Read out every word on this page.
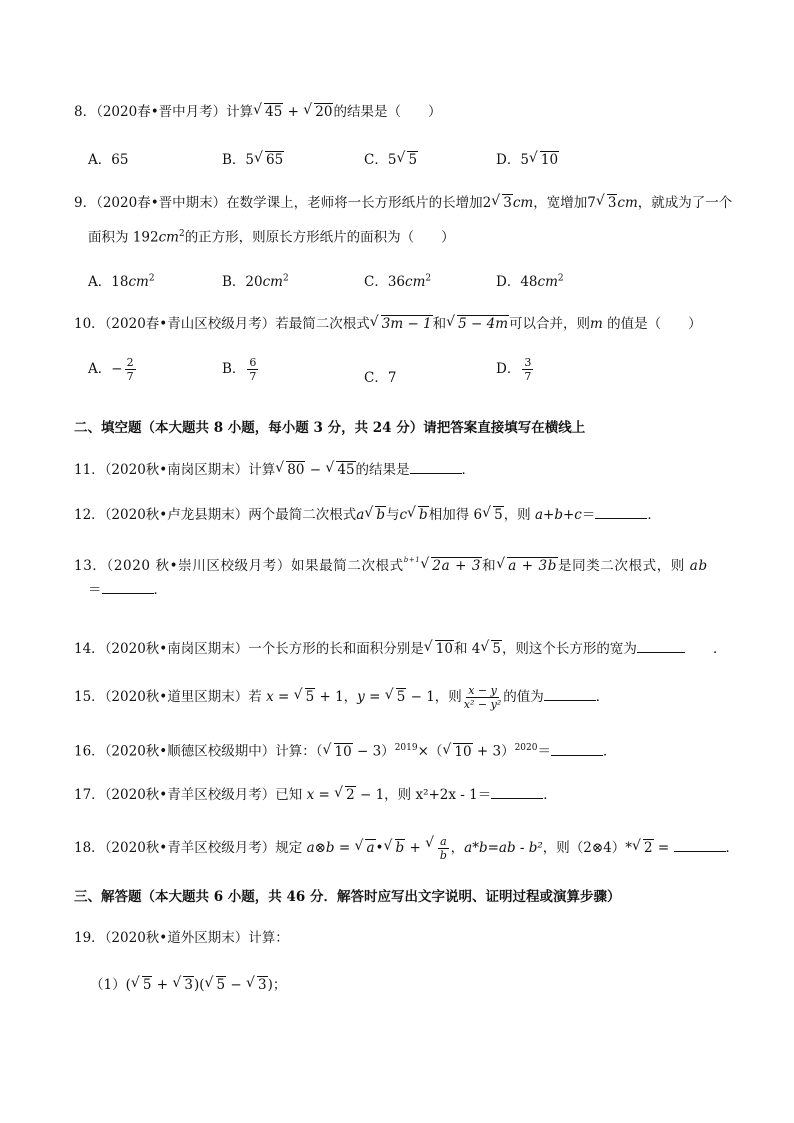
8．（2020春•晋中月考）计算 √ 45 + √ 20的结果是（　　）
A．65	B．5 √ 65	C．5 √ 5	D．5 √ 10
9．（2020春•晋中期末）在数学课上，老师将一长方形纸片的长增加2 √ 3cm，宽增加7 √ 3cm，就成为了一个
面积为 $192cm^2$的正方形，则原长方形纸片的面积为（　　）
A．$18cm^2$	B．$20cm^2$	C．$36cm^2$	D．$48cm^2$
10．（2020春•青山区校级月考）若最简二次根式 √ 3m − 1和 √ 5 − 4m可以合并，则m 的值是（　　）
A．− $\frac{2}{7}$	B． $\frac{6}{7}$	C．7
D． $\frac{3}{7}$
二、填空题（本大题共 8 小题，每小题 3 分，共 24 分）请把答案直接填写在横线上
11．（2020秋•南岗区期末）计算 √ 80 − √ 45的结果是	．
12．（2020秋•卢龙县期末）两个最简二次根式a √ b与c √ b相加得 6 √ 5，则 a+b+c＝	．
13．（2020 秋•崇川区校级月考）如果最简二次根式$^{b+1}$ √ 2a + 3和 √ a + 3b是同类二次根式，则 ab
＝	．
14．（2020秋•南岗区期末）一个长方形的长和面积分别是 √ 10和 4 √ 5，则这个长方形的宽为	．
15．（2020秋•道里区期末）若 x = √ 5 + 1，y = √ 5 − 1，则 $\frac{x - y}{\text{x² − y²}}$ 的值为	．
16．（2020秋•顺德区校级期中）计算：（ √ 10 − 3）$^{2019}$×（ √ 10 + 3）$^{2020}$＝	．
17．（2020秋•青羊区校级月考）已知 x = √ 2 − 1，则 x²+2x - 1＝	．
18．（2020秋•青羊区校级月考）规定 a⊗b = √ a• √ b + √ $\frac{a}{b}$ ，a*b=ab - b²，则（2⊗4）* √ 2 =	．
三、解答题（本大题共 6 小题，共 46 分．解答时应写出文字说明、证明过程或演算步骤）
19．（2020秋•道外区期末）计算：
（1）( √ 5 + √ 3)( √ 5 − √ 3)；
